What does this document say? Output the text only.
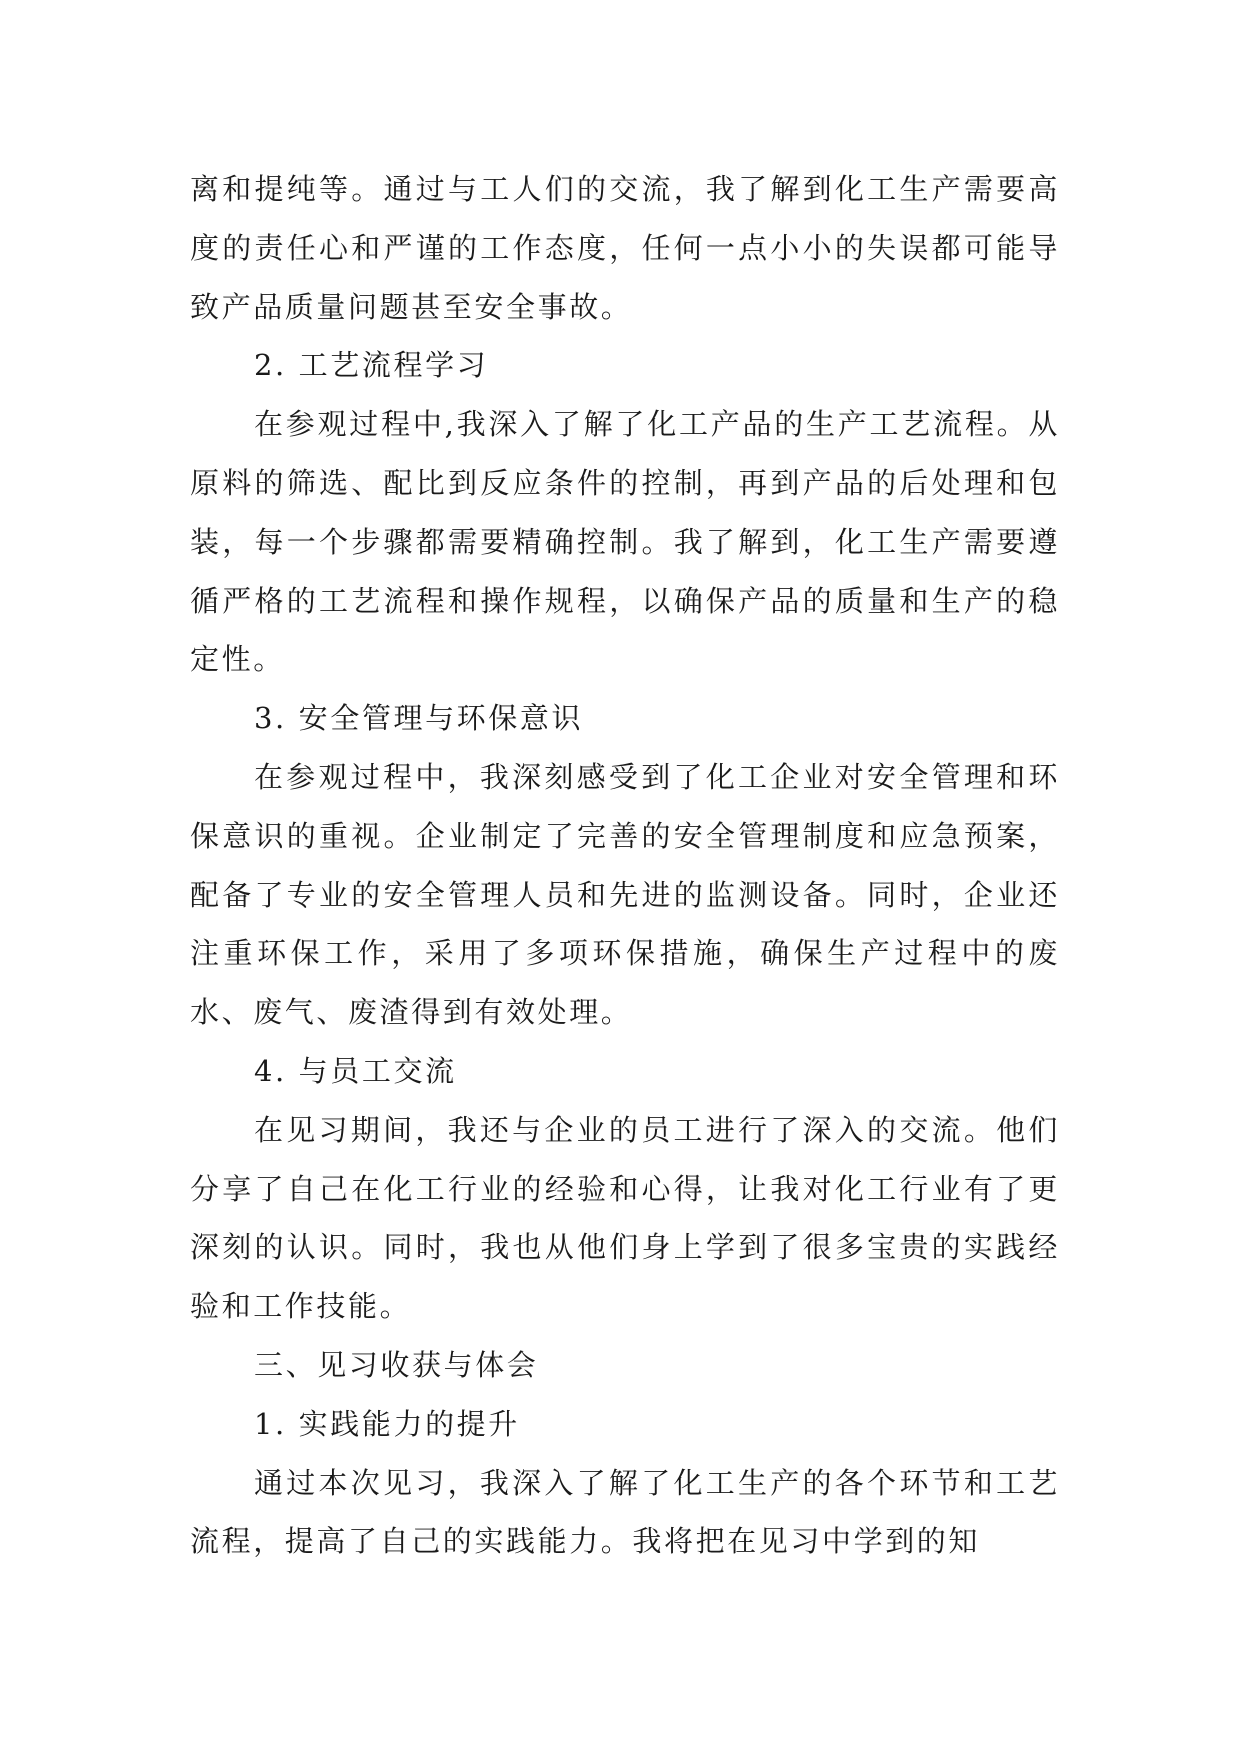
离和提纯等。通过与工人们的交流，我了解到化工生产需要高度的责任心和严谨的工作态度，任何一点小小的失误都可能导致产品质量问题甚至安全事故。

2. 工艺流程学习

在参观过程中,我深入了解了化工产品的生产工艺流程。从原料的筛选、配比到反应条件的控制，再到产品的后处理和包装，每一个步骤都需要精确控制。我了解到，化工生产需要遵循严格的工艺流程和操作规程，以确保产品的质量和生产的稳定性。

3. 安全管理与环保意识

在参观过程中，我深刻感受到了化工企业对安全管理和环保意识的重视。企业制定了完善的安全管理制度和应急预案，配备了专业的安全管理人员和先进的监测设备。同时，企业还注重环保工作，采用了多项环保措施，确保生产过程中的废水、废气、废渣得到有效处理。

4. 与员工交流

在见习期间，我还与企业的员工进行了深入的交流。他们分享了自己在化工行业的经验和心得，让我对化工行业有了更深刻的认识。同时，我也从他们身上学到了很多宝贵的实践经验和工作技能。

三、见习收获与体会

1. 实践能力的提升

通过本次见习，我深入了解了化工生产的各个环节和工艺流程，提高了自己的实践能力。我将把在见习中学到的知
